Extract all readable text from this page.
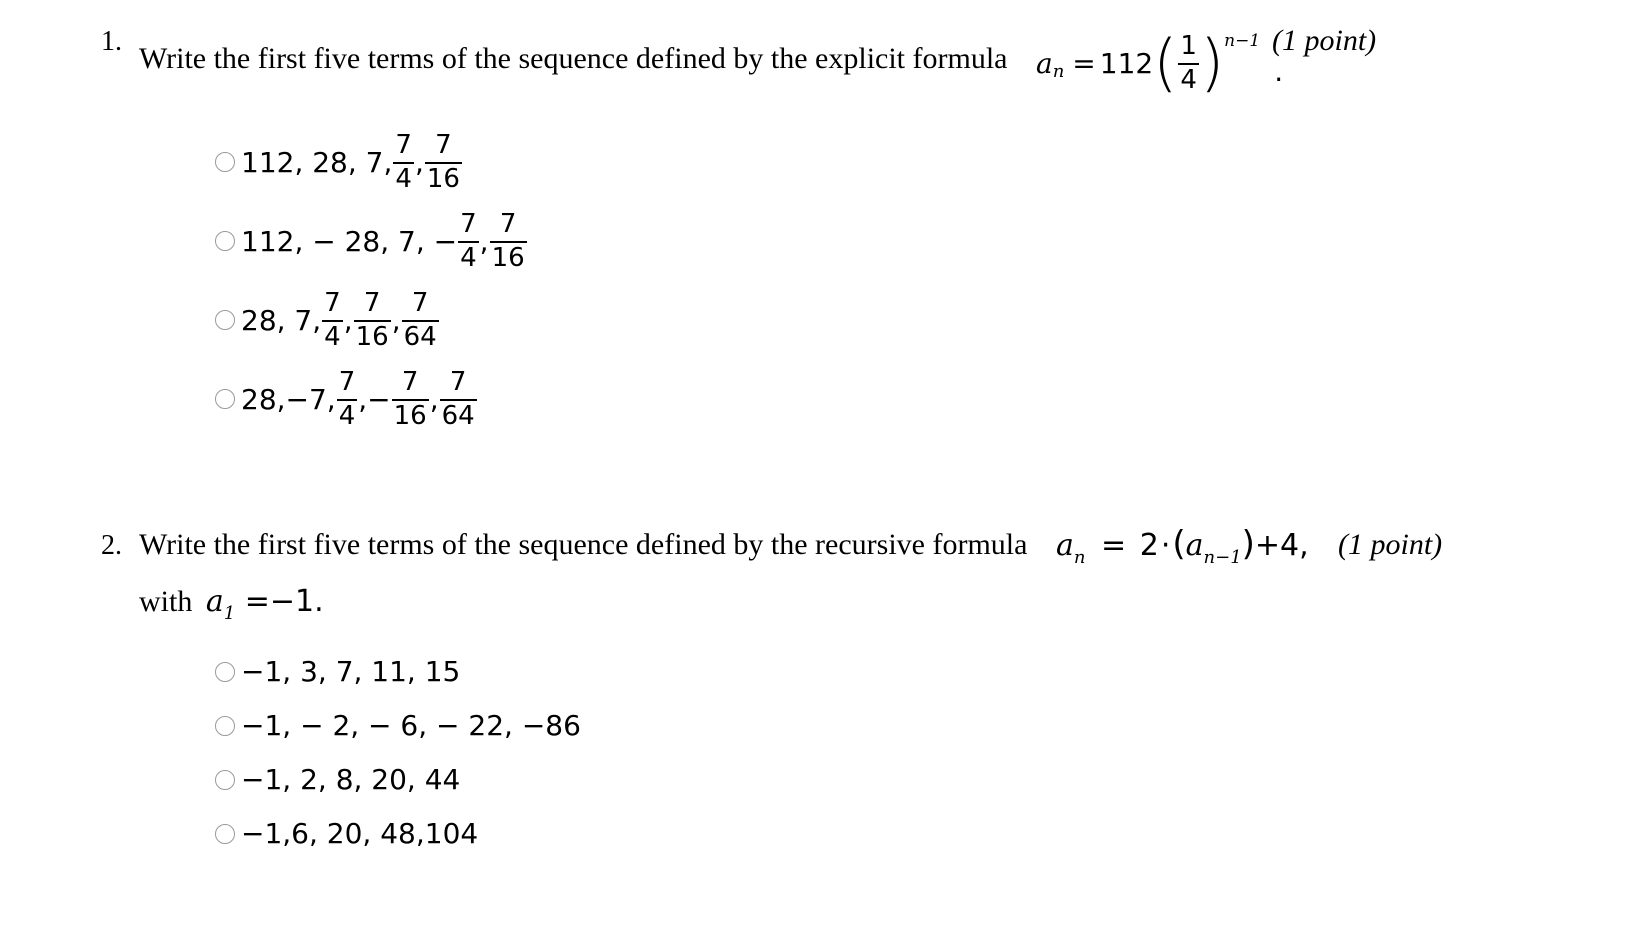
1.
Write the first five terms of the sequence defined by the explicit formula a n = 112 ( $\frac{1}{4}$ ) n−1
.
(1 point)
112, 28, 7, $\frac{7}{4}$ , $\frac{7}{16}$
112, − 28, 7, − $\frac{7}{4}$ , $\frac{7}{16}$
28, 7, $\frac{7}{4}$ , $\frac{7}{16}$ , $\frac{7}{64}$
28,−7, $\frac{7}{4}$ ,− $\frac{7}{16}$ , $\frac{7}{64}$
2. Write the first five terms of the sequence defined by the recursive formula $a_n = 2\cdot(a_{n-1})+4$, (1 point)
with $a_1 =-1$.
−1, 3, 7, 11, 15
−1, − 2, − 6, − 22, −86
−1, 2, 8, 20, 44
−1,6, 20, 48,104
